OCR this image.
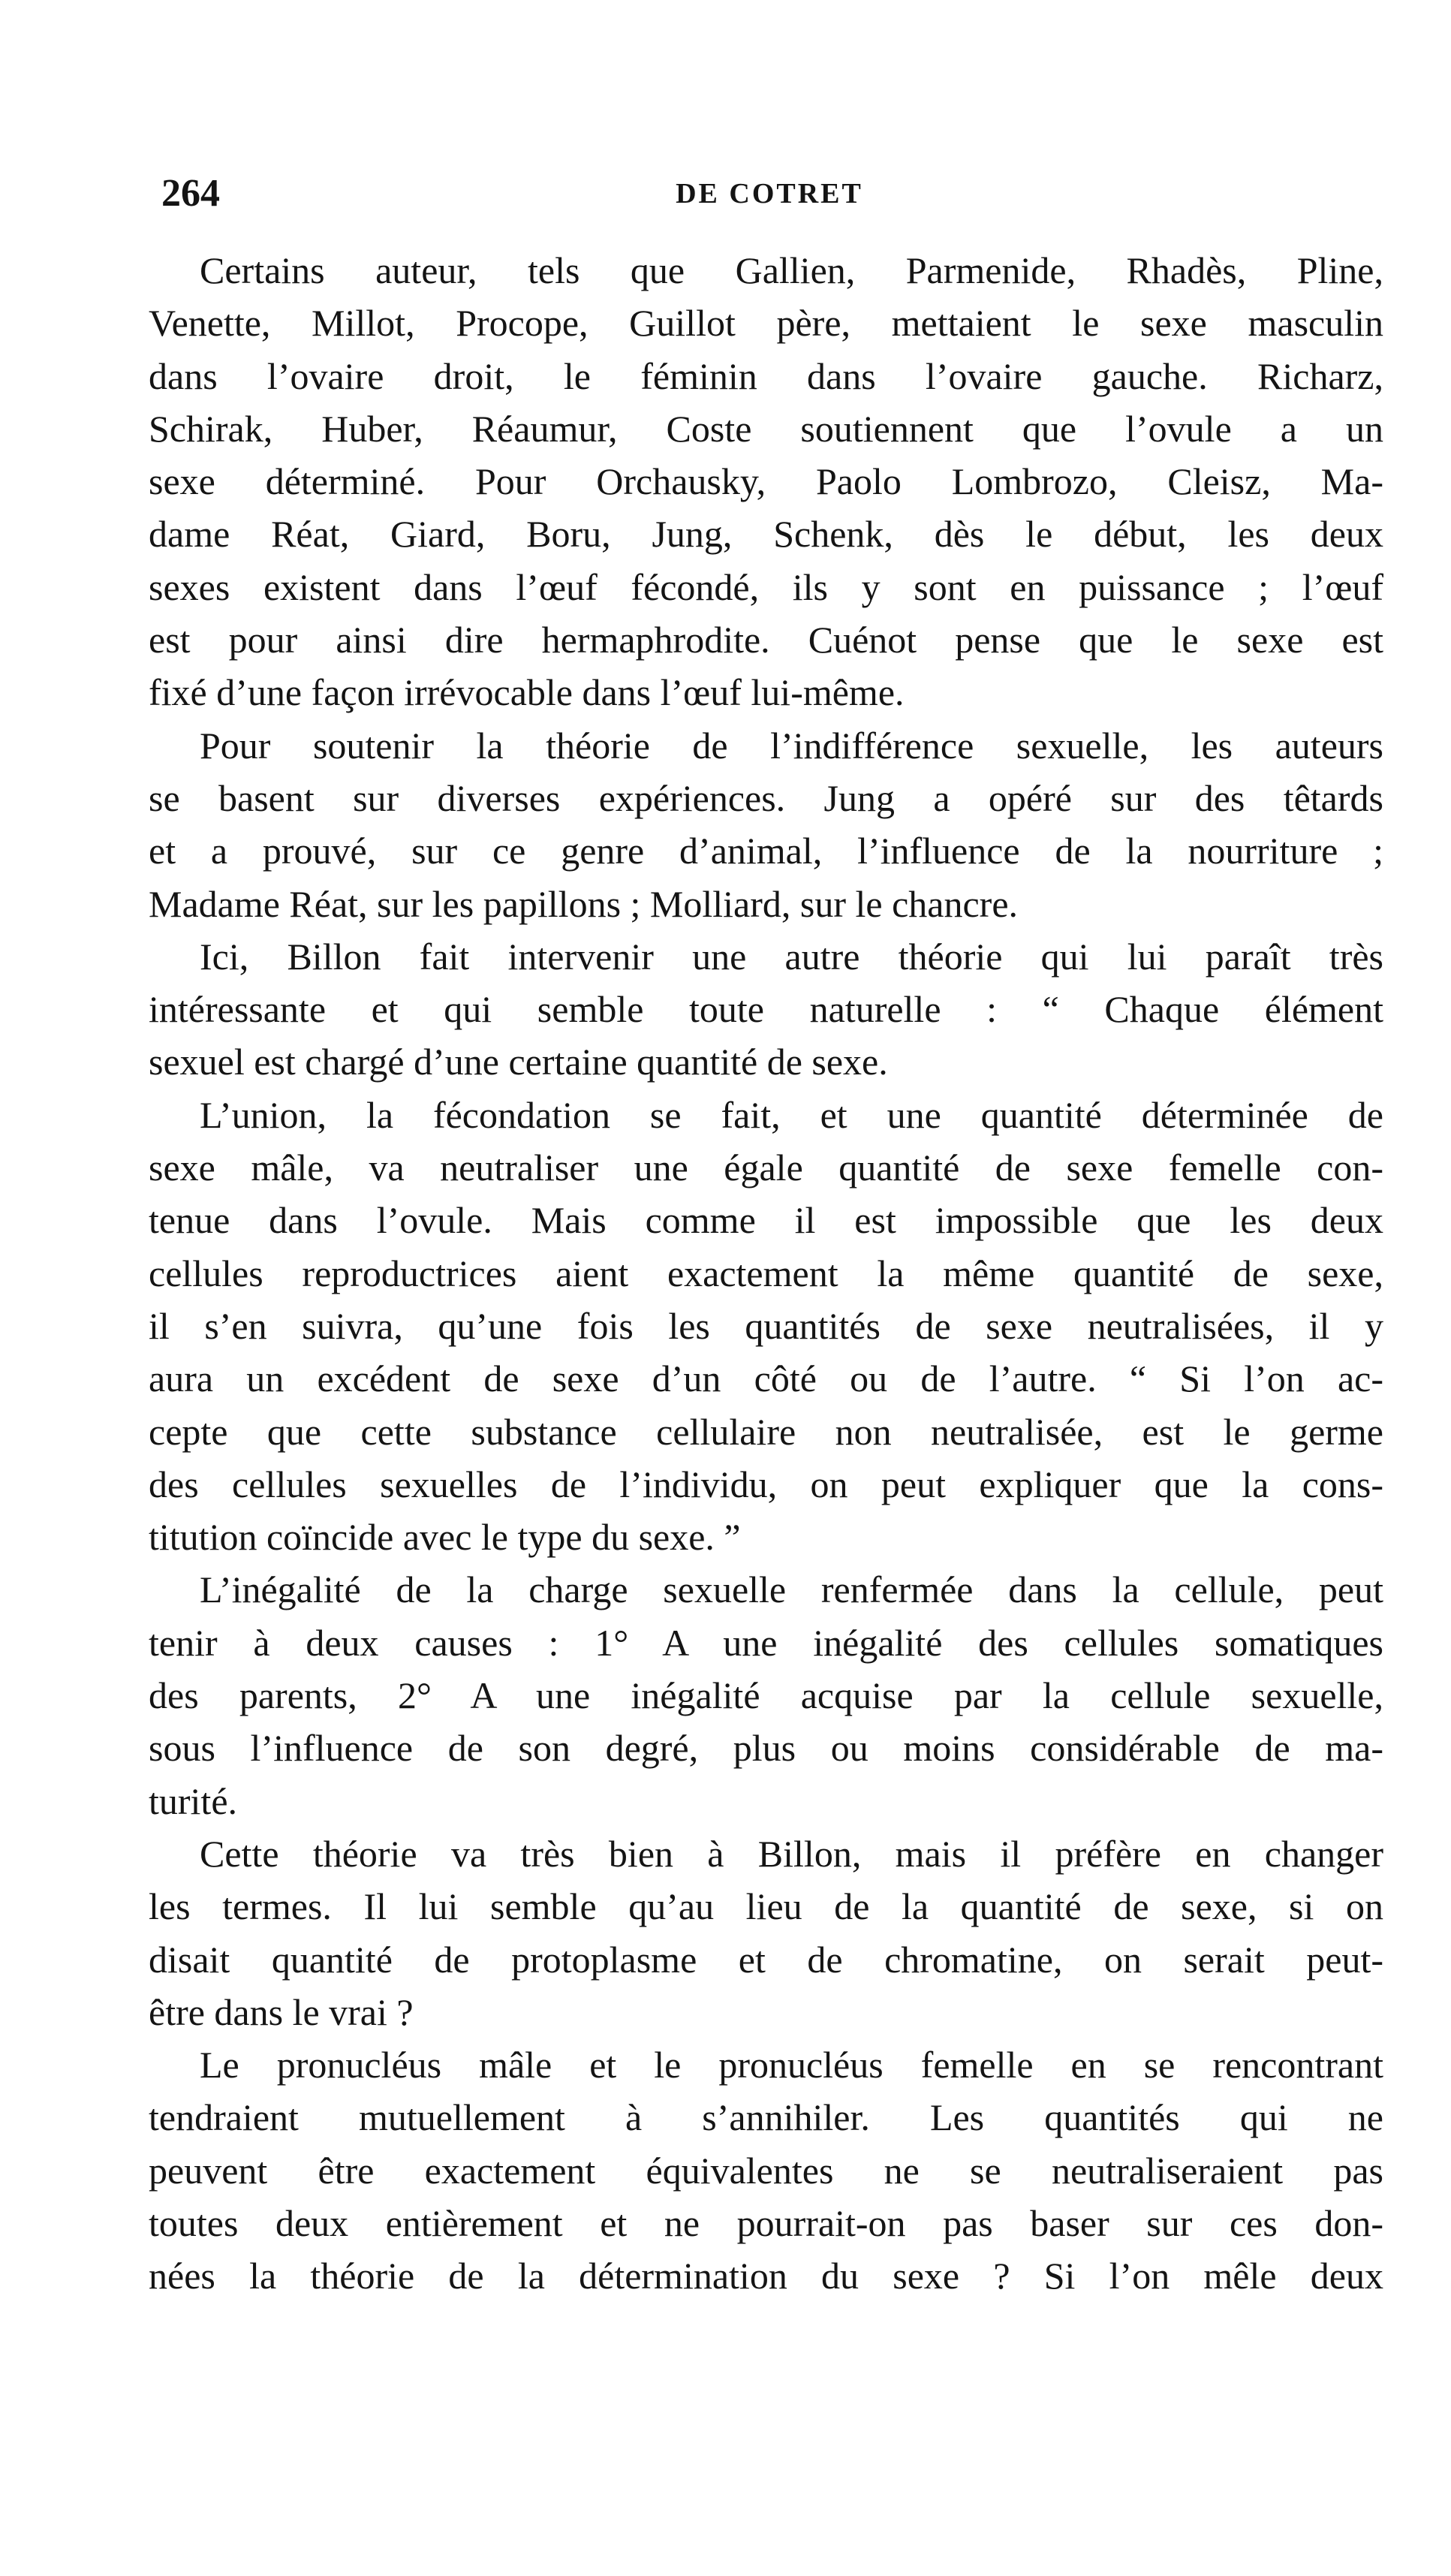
264	DE COTRET

Certains auteur, tels que Gallien, Parmenide, Rhadès, Pline,
Venette, Millot, Procope, Guillot père, mettaient le sexe masculin
dans l’ovaire droit, le féminin dans l’ovaire gauche. Richarz,
Schirak, Huber, Réaumur, Coste soutiennent que l’ovule a un
sexe déterminé. Pour Orchausky, Paolo Lombrozo, Cleisz, Ma-
dame Réat, Giard, Boru, Jung, Schenk, dès le début, les deux
sexes existent dans l’œuf fécondé, ils y sont en puissance ; l’œuf
est pour ainsi dire hermaphrodite. Cuénot pense que le sexe est
fixé d’une façon irrévocable dans l’œuf lui-même.

Pour soutenir la théorie de l’indifférence sexuelle, les auteurs
se basent sur diverses expériences. Jung a opéré sur des têtards
et a prouvé, sur ce genre d’animal, l’influence de la nourriture ;
Madame Réat, sur les papillons ; Molliard, sur le chancre.

Ici, Billon fait intervenir une autre théorie qui lui paraît très
intéressante et qui semble toute naturelle : “ Chaque élément
sexuel est chargé d’une certaine quantité de sexe.

L’union, la fécondation se fait, et une quantité déterminée de
sexe mâle, va neutraliser une égale quantité de sexe femelle con-
tenue dans l’ovule. Mais comme il est impossible que les deux
cellules reproductrices aient exactement la même quantité de sexe,
il s’en suivra, qu’une fois les quantités de sexe neutralisées, il y
aura un excédent de sexe d’un côté ou de l’autre. “ Si l’on ac-
cepte que cette substance cellulaire non neutralisée, est le germe
des cellules sexuelles de l’individu, on peut expliquer que la cons-
titution coïncide avec le type du sexe. ”

L’inégalité de la charge sexuelle renfermée dans la cellule, peut
tenir à deux causes : 1° A une inégalité des cellules somatiques
des parents, 2° A une inégalité acquise par la cellule sexuelle,
sous l’influence de son degré, plus ou moins considérable de ma-
turité.

Cette théorie va très bien à Billon, mais il préfère en changer
les termes. Il lui semble qu’au lieu de la quantité de sexe, si on
disait quantité de protoplasme et de chromatine, on serait peut-
être dans le vrai ?

Le pronucléus mâle et le pronucléus femelle en se rencontrant
tendraient mutuellement à s’annihiler. Les quantités qui ne
peuvent être exactement équivalentes ne se neutraliseraient pas
toutes deux entièrement et ne pourrait-on pas baser sur ces don-
nées la théorie de la détermination du sexe ? Si l’on mêle deux
